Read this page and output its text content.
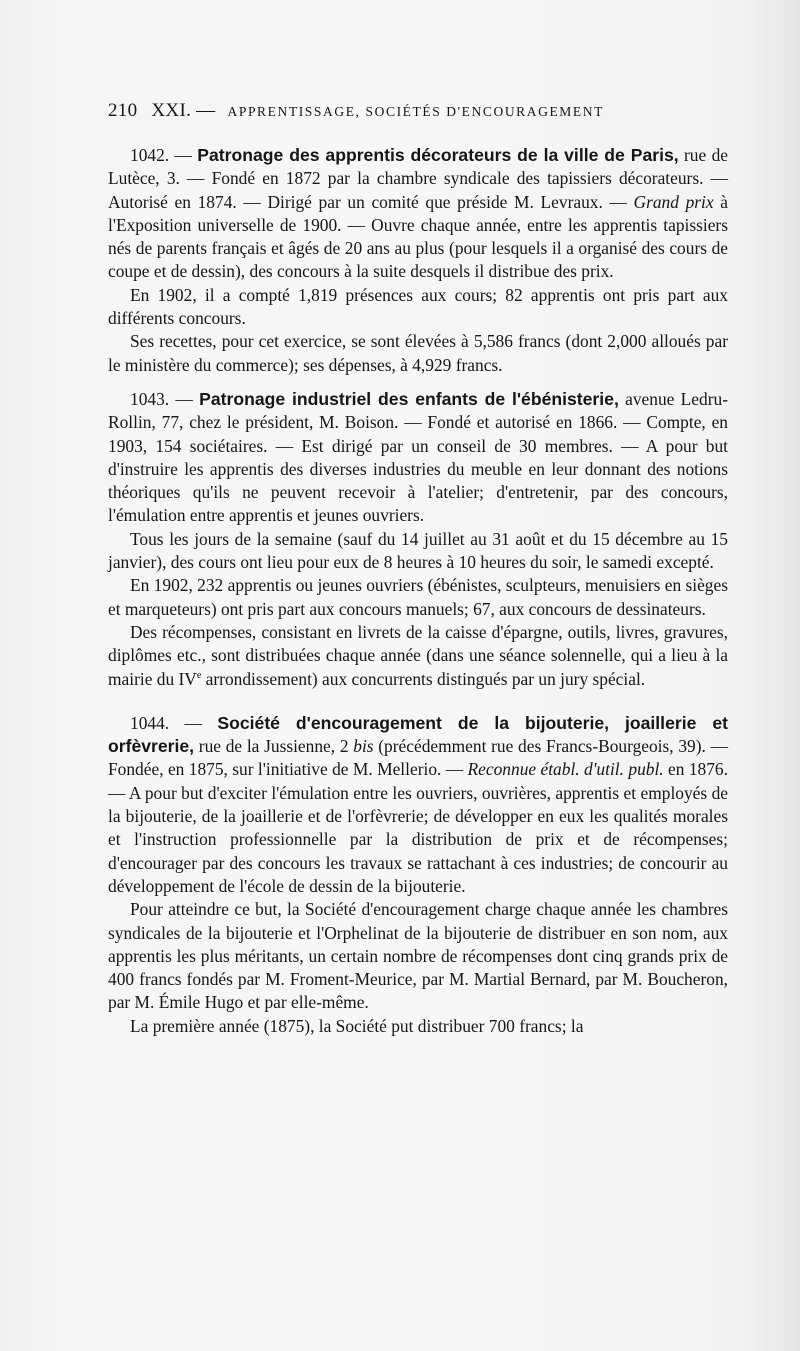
210 XXI. — APPRENTISSAGE, SOCIÉTÉS D'ENCOURAGEMENT

1042. — Patronage des apprentis décorateurs de la ville de Paris, rue de Lutèce, 3. — Fondé en 1872 par la chambre syndicale des tapissiers décorateurs. — Autorisé en 1874. — Dirigé par un comité que préside M. Levraux. — Grand prix à l'Exposition universelle de 1900. — Ouvre chaque année, entre les apprentis tapissiers nés de parents français et âgés de 20 ans au plus (pour lesquels il a organisé des cours de coupe et de dessin), des concours à la suite desquels il distribue des prix.

En 1902, il a compté 1,819 présences aux cours; 82 apprentis ont pris part aux différents concours.

Ses recettes, pour cet exercice, se sont élevées à 5,586 francs (dont 2,000 alloués par le ministère du commerce); ses dépenses, à 4,929 francs.

1043. — Patronage industriel des enfants de l'ébénisterie, avenue Ledru-Rollin, 77, chez le président, M. Boison. — Fondé et autorisé en 1866. — Compte, en 1903, 154 sociétaires. — Est dirigé par un conseil de 30 membres. — A pour but d'instruire les apprentis des diverses industries du meuble en leur donnant des notions théoriques qu'ils ne peuvent recevoir à l'atelier; d'entretenir, par des concours, l'émulation entre apprentis et jeunes ouvriers.

Tous les jours de la semaine (sauf du 14 juillet au 31 août et du 15 décembre au 15 janvier), des cours ont lieu pour eux de 8 heures à 10 heures du soir, le samedi excepté.

En 1902, 232 apprentis ou jeunes ouvriers (ébénistes, sculpteurs, menuisiers en sièges et marqueteurs) ont pris part aux concours manuels; 67, aux concours de dessinateurs.

Des récompenses, consistant en livrets de la caisse d'épargne, outils, livres, gravures, diplômes etc., sont distribuées chaque année (dans une séance solennelle, qui a lieu à la mairie du IVe arrondissement) aux concurrents distingués par un jury spécial.

1044. — Société d'encouragement de la bijouterie, joaillerie et orfèvrerie, rue de la Jussienne, 2 bis (précédemment rue des Francs-Bourgeois, 39). — Fondée, en 1875, sur l'initiative de M. Mellerio. — Reconnue établ. d'util. publ. en 1876. — A pour but d'exciter l'émulation entre les ouvriers, ouvrières, apprentis et employés de la bijouterie, de la joaillerie et de l'orfèvrerie; de développer en eux les qualités morales et l'instruction professionnelle par la distribution de prix et de récompenses; d'encourager par des concours les travaux se rattachant à ces industries; de concourir au développement de l'école de dessin de la bijouterie.

Pour atteindre ce but, la Société d'encouragement charge chaque année les chambres syndicales de la bijouterie et l'Orphelinat de la bijouterie de distribuer en son nom, aux apprentis les plus méritants, un certain nombre de récompenses dont cinq grands prix de 400 francs fondés par M. Froment-Meurice, par M. Martial Bernard, par M. Boucheron, par M. Émile Hugo et par elle-même.

La première année (1875), la Société put distribuer 700 francs; la
